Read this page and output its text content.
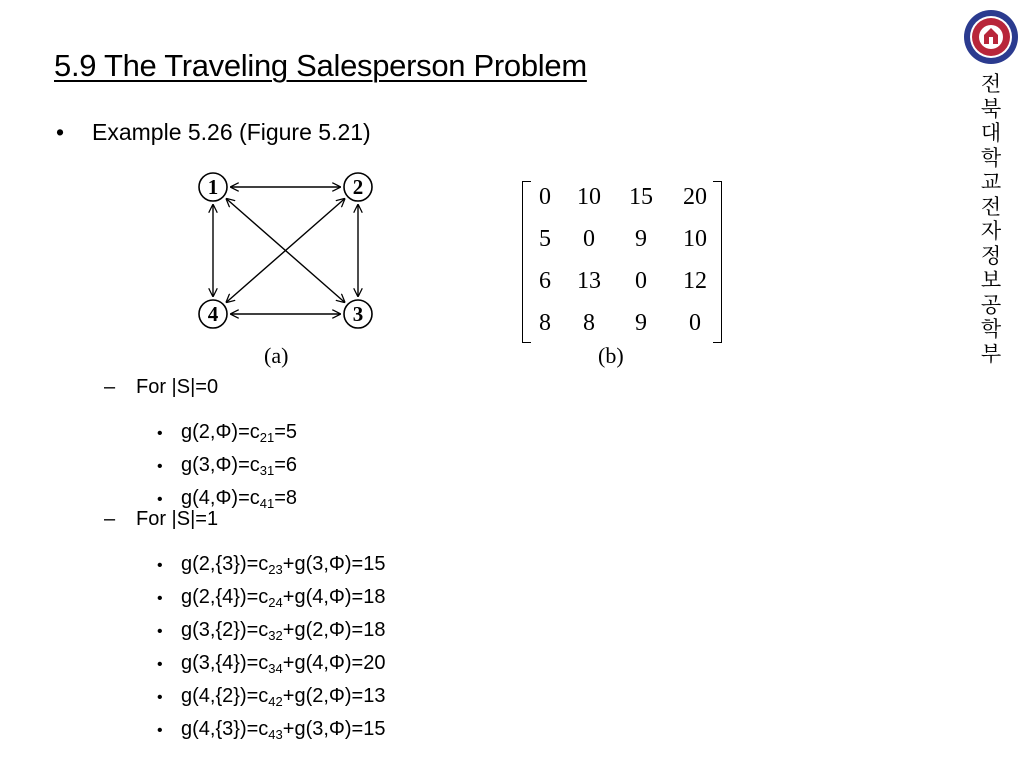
5.9 The Traveling Salesperson Problem
• Example 5.26 (Figure 5.21)
전북대학교 전자정보공학부
1	2
3
4
(a)
0	10	15	20
5	0	9	10
6	13	0	12
8	8	9	0
(b)
– For |S|=0
• $g(2,\Phi)=c_{21}=5$
• $g(3,\Phi)=c_{31}=6$
• $g(4,\Phi)=c_{41}=8$
– For |S|=1
• $g(2,\{3\})=c_{23}+g(3,\Phi)=15$
• $g(2,\{4\})=c_{24}+g(4,\Phi)=18$
• $g(3,\{2\})=c_{32}+g(2,\Phi)=18$
• $g(3,\{4\})=c_{34}+g(4,\Phi)=20$
• $g(4,\{2\})=c_{42}+g(2,\Phi)=13$
• $g(4,\{3\})=c_{43}+g(3,\Phi)=15$
